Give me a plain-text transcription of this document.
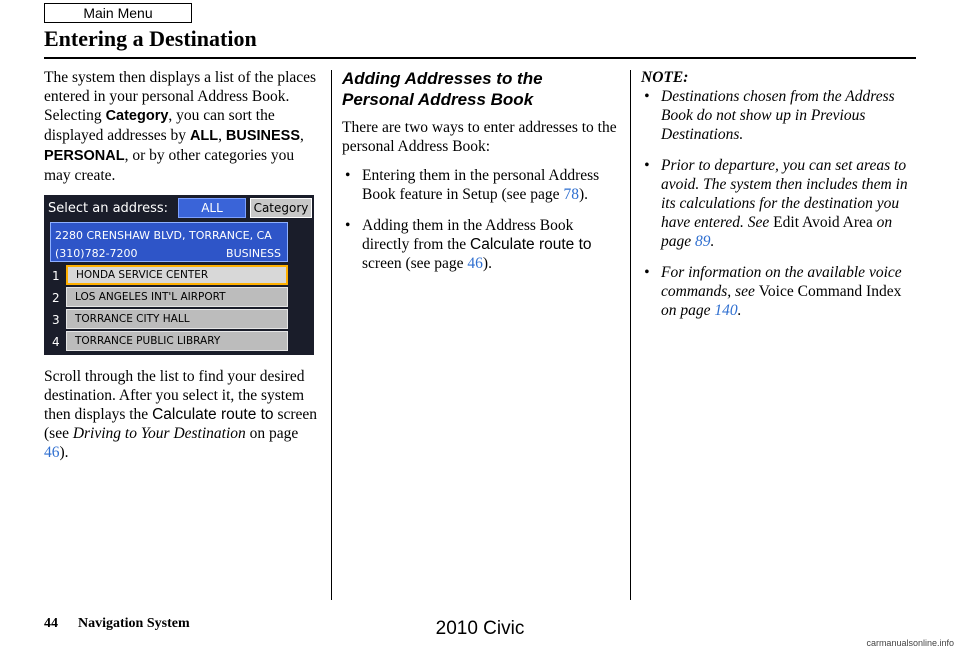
Main Menu
Entering a Destination

The system then displays a list of the places entered in your personal Address Book. Selecting Category, you can sort the displayed addresses by ALL, BUSINESS, PERSONAL, or by other categories you may create.

Select an address:	ALL	Category
2280 CRENSHAW BLVD, TORRANCE, CA
(310)782-7200	BUSINESS
1	HONDA SERVICE CENTER
2	LOS ANGELES INT'L AIRPORT
3	TORRANCE CITY HALL
4	TORRANCE PUBLIC LIBRARY

Scroll through the list to find your desired destination. After you select it, the system then displays the Calculate route to screen (see Driving to Your Destination on page 46).

Adding Addresses to the Personal Address Book

There are two ways to enter addresses to the personal Address Book:

• Entering them in the personal Address Book feature in Setup (see page 78).
• Adding them in the Address Book directly from the Calculate route to screen (see page 46).
NOTE:
• Destinations chosen from the Address Book do not show up in Previous Destinations.
• Prior to departure, you can set areas to avoid. The system then includes them in its calculations for the destination you have entered. See Edit Avoid Area on page 89.
• For information on the available voice commands, see Voice Command Index on page 140.
44 Navigation System	2010 Civic
carmanualsonline.info
